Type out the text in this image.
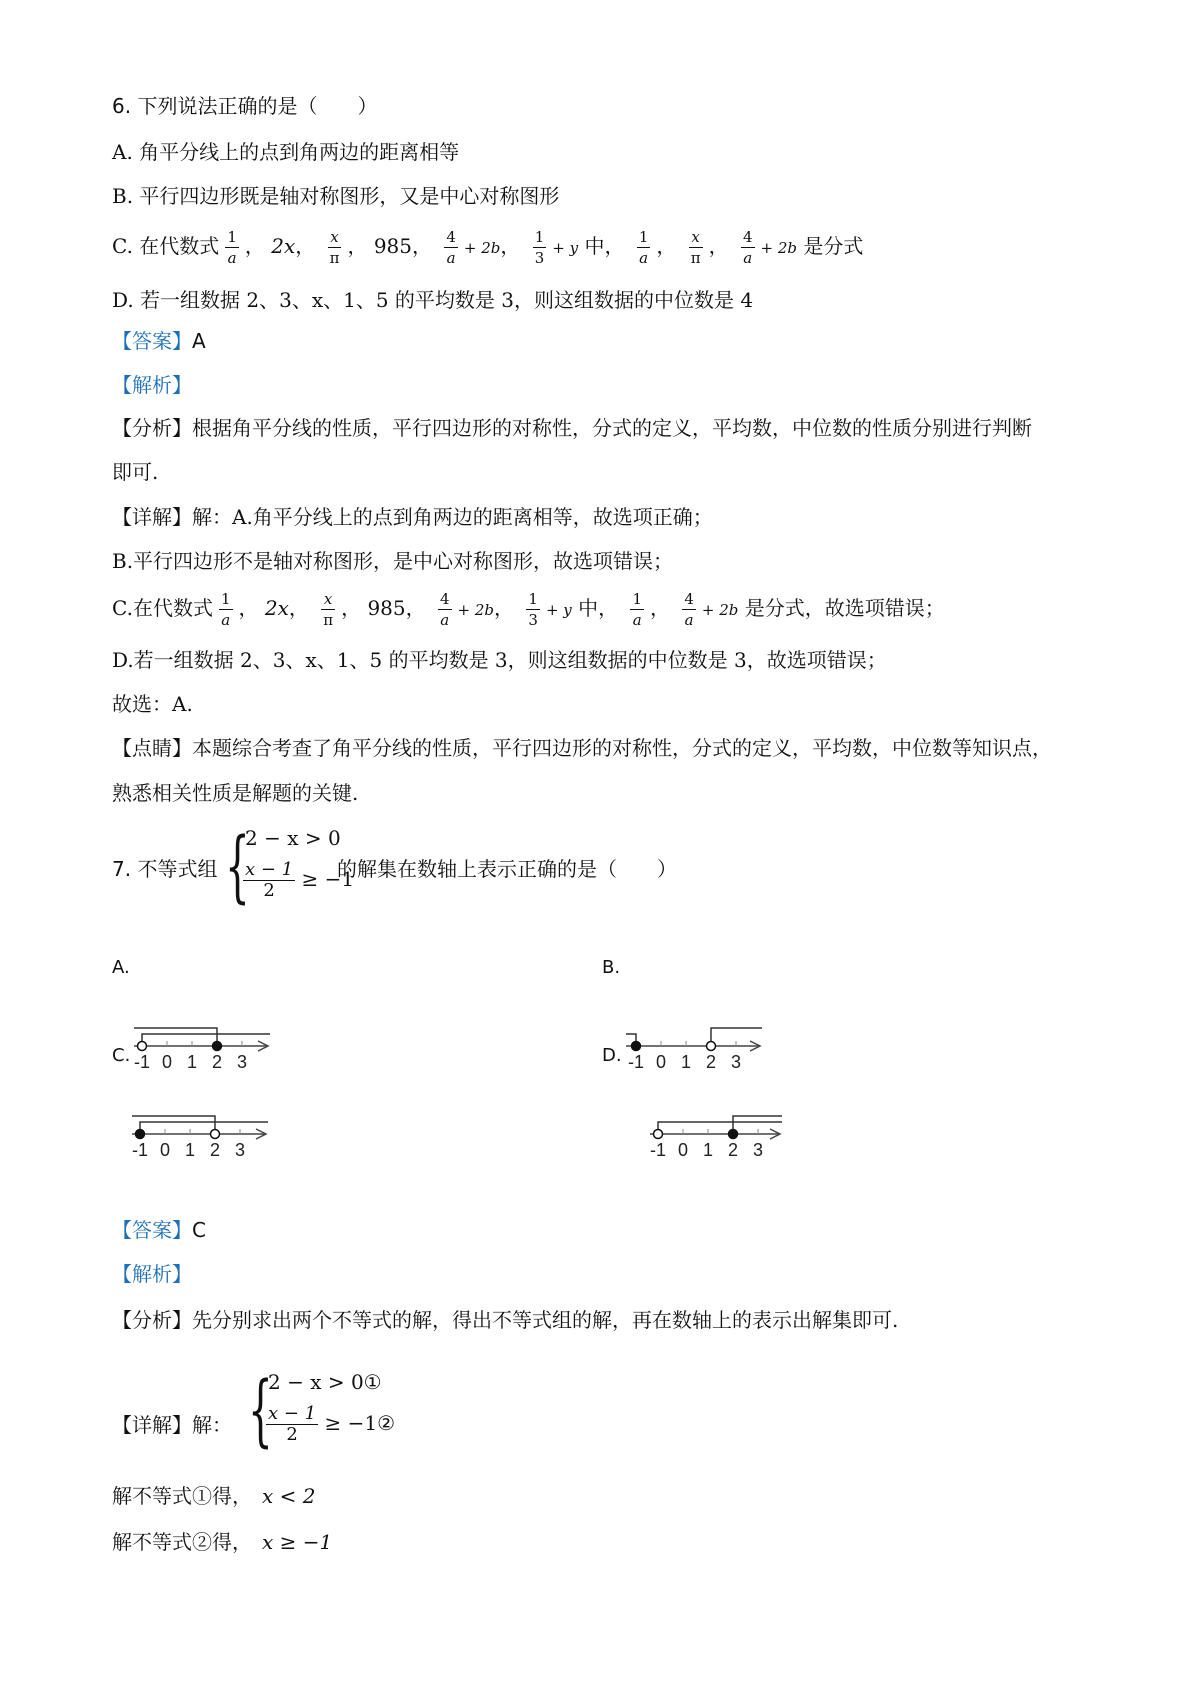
6. 下列说法正确的是（　　）
A. 角平分线上的点到角两边的距离相等
B. 平行四边形既是轴对称图形，又是中心对称图形
C. 在代数式 $\frac{1}{a}$ ， 2x， $\frac{x}{\pi}$ ， 985， $\frac{4}{a} + 2b$， $\frac{1}{3} + y$ 中， $\frac{1}{a}$ ， $\frac{x}{\pi}$ ， $\frac{4}{a} + 2b$ 是分式
D. 若一组数据 2、3、x、1、5 的平均数是 3，则这组数据的中位数是 4
【答案】A
【解析】
【分析】根据角平分线的性质，平行四边形的对称性，分式的定义，平均数，中位数的性质分别进行判断
即可.
【详解】解：A.角平分线上的点到角两边的距离相等，故选项正确；
B.平行四边形不是轴对称图形，是中心对称图形，故选项错误；
C.在代数式 $\frac{1}{a}$ ， 2x， $\frac{x}{\pi}$ ， 985， $\frac{4}{a} + 2b$， $\frac{1}{3} + y$ 中， $\frac{1}{a}$ ， $\frac{4}{a} + 2b$ 是分式，故选项错误；
D.若一组数据 2、3、x、1、5 的平均数是 3，则这组数据的中位数是 3，故选项错误；
故选：A.
【点睛】本题综合考查了角平分线的性质，平行四边形的对称性，分式的定义，平均数，中位数等知识点，
熟悉相关性质是解题的关键.
7. 不等式组 {
2 − x > 0
$\frac{x - 1}{2} \ge -1$
的解集在数轴上表示正确的是（　　）
A.	B.
C.	D.
-1 0 1 2 3	-1 0 1 2 3
-1 0 1 2 3	-1 0 1 2 3
【答案】C
【解析】
【分析】先分别求出两个不等式的解，得出不等式组的解，再在数轴上的表示出解集即可.
【详解】解： {
2 − x > 0①
$\frac{x - 1}{2}$ ≥ −1②
解不等式①得， x < 2
解不等式②得， x ≥ −1
